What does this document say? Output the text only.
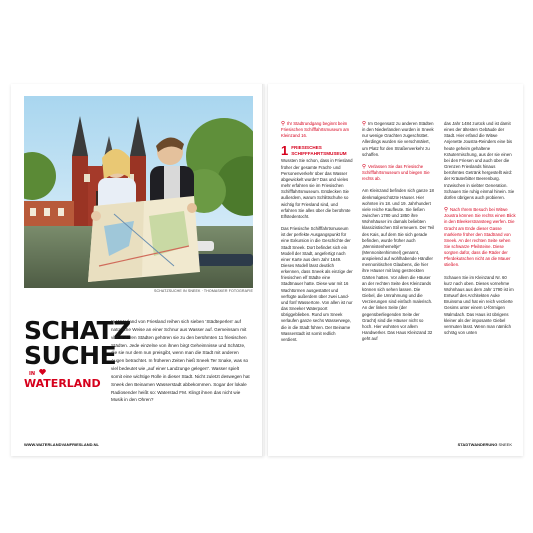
SCHATZSUCHE IN SNEEK · THOMASKER FOTOGRAFIE
SCHATZ
SUCHE
IN
WATERLAND
In Waterland von Friesland reihen sich sieben ‘Städteperlen’ auf natürliche Weise an einer Schnur aus Wasser auf. Gemeinsam mit vier anderen Städten gehören sie zu den berühmten 11 friesischen Städten. Jede einzelne von ihnen birgt Geheimnisse und Schätze, die sie nur dem nun preisgibt, wenn man die Stadt mit anderen Augen betrachtet. In früheren Zeiten hieß Sneek Ter Snake, was so viel bedeutet wie „auf einer Landzunge gelegen“. Wasser spielt somit eine wichtige Rolle in dieser Stadt. Nicht zuletzt deswegen hat Sneek den Beinamen Wasserstadt abbekommen. Sogar der lokale Radiosender heißt so: Waterstad FM. Klingt ihnen das nicht wie Musik in den Ohren?
WWW.WATERLANDVANFRIESLAND.NL

⚲ Ihr Stadtrundgang beginnt beim Friesischen Schifffahrtsmuseum am Kleinzand 16.

1 FRIESISCHES SCHIFFFAHRTSMUSEUM

Wussten Sie schon, dass in Friesland früher der gesamte Fracht- und Personenverkehr über das Wasser abgewickelt wurde? Das und vieles mehr erfahren sie im Friesischen Schifffahrtsmuseum. Entdecken Sie außerdem, warum Schlittschuhe so wichtig für Friesland sind, und erfahren Sie alles über die berühmte Elfstedentocht.

Das Friesische Schifffahrtsmuseum ist der perfekte Ausgangspunkt für eine Exkursion in die Geschichte der Stadt Sneek. Dort befindet sich ein Modell der Stadt, angefertigt nach einer Karte aus dem Jahr 1649. Dieses Modell lässt deutlich erkennen, dass Sneek als einzige der friesischen elf Städte eine Stadtmauer hatte. Diese war mit 16 Wachtürmen ausgestattet und verfügte außerdem über zwei Land- und fünf Wassertore. Von allen ist nur das Sneeker Waterpoort übriggeblieben. Rund um Sneek verlaufen ganze sechs Wasserwege, die in die Stadt führen. Der Beiname Wasserstadt ist somit redlich verdient.

⚲ Im Gegensatz zu anderen Städten in den Niederlanden wurden in Sneek nur wenige Grachten zugeschüttet. Allerdings wurden sie verschmälert, um Platz für den Straßenverkehr zu schaffen.

⚲ Verlassen Sie das Friesische Schifffahrtsmuseum und biegen Sie rechts ab.

Am Kleinzand befinden sich ganze 18 denkmalgeschützte Häuser. Hier wohnten im 18. und 19. Jahrhundert viele reiche Kaufleute. Sie ließen zwischen 1780 und 1850 ihre Wohnhäuser im damals beliebten klassizistischen Stil erneuern. Der Teil des Kais, auf dem Sie sich gerade befinden, wurde früher auch „Mennistenhemeltje“ (Mennonitenhimmel) genannt, anspielend auf wohlhabende Händler mennonitischen Glaubens, die hier ihre Häuser mit lang gestreckten Gärten hatten. Vor allem die Häuser an der rechten Seite des Kleinzands können sich sehen lassen. Die Giebel, die Umrahmung und die Verzierungen sind einfach malerisch. An der linken Seite (der gegenüberliegenden Seite der Gracht) sind die Häuser nicht so hoch. Hier wohnten vor allem Handwerker. Das Haus Kleinzand 32 geht auf

das Jahr 1484 zurück und ist damit eines der ältesten Gebäude der Stadt. Hier erfand die Witwe Anjenette Joustra-Reinders eine bis heute geheim gehaltene Kräutermischung, aus der sie einen bei den Friesen und auch über die Grenzen Frieslands hinaus berühmtes Getränk hergestellt wird: der Kräuterbitter Beerenburg. Inzwischen in siebter Generation. Schauen Sie ruhig einmal hinein. Sie dürfen übrigens auch probieren.

⚲ Nach Ihrem Besuch bei Witwe Joustra können Sie rechts einen Blick in den Bleekerstransteeg werfen. Die Gracht am Ende dieser Gasse markierte früher den Stadtrand von Sneek. An der rechten Seite sehen Sie schwarze Pfeilsteine. Diese sorgten dafür, dass die Räder der Pferdekutschen nicht an die Mauer stießen.

Schauen Sie im Kleinzand Nr. 60 kurz nach oben. Dieses vornehme Wohnhaus aus dem Jahr 1790 ist im Entwurf des Architekten Auke Bruinsma und hat ein reich verzierte Gesims unter einem U-förmigen Walmdach. Das Haus ist übrigens kleiner als der imposante Giebel vermuten lässt. Wenn man nämlich schräg von unten

STADTWANDERUNG SNEEK
